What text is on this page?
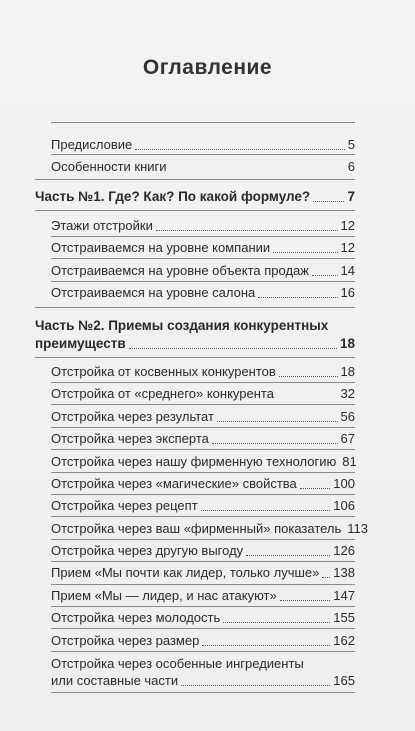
Оглавление
Предисловие	5
Особенности книги	6
Часть №1. Где? Как? По какой формуле?	7
Этажи отстройки	12
Отстраиваемся на уровне компании	12
Отстраиваемся на уровне объекта продаж 14
Отстраиваемся на уровне салона	16
Часть №2. Приемы создания конкурентных
преимуществ	18
Отстройка от косвенных конкурентов	18
Отстройка от «среднего» конкурента	32
Отстройка через результат	56
Отстройка через эксперта	67
Отстройка через нашу фирменную технологию 81
Отстройка через «магические» свойства	100
Отстройка через рецепт	106
Отстройка через ваш «фирменный» показатель 113
Отстройка через другую выгоду	126
Прием «Мы почти как лидер, только лучше» 138
Прием «Мы — лидер, и нас атакуют»	147
Отстройка через молодость	155
Отстройка через размер	162
Отстройка через особенные ингредиенты
или составные части	165
